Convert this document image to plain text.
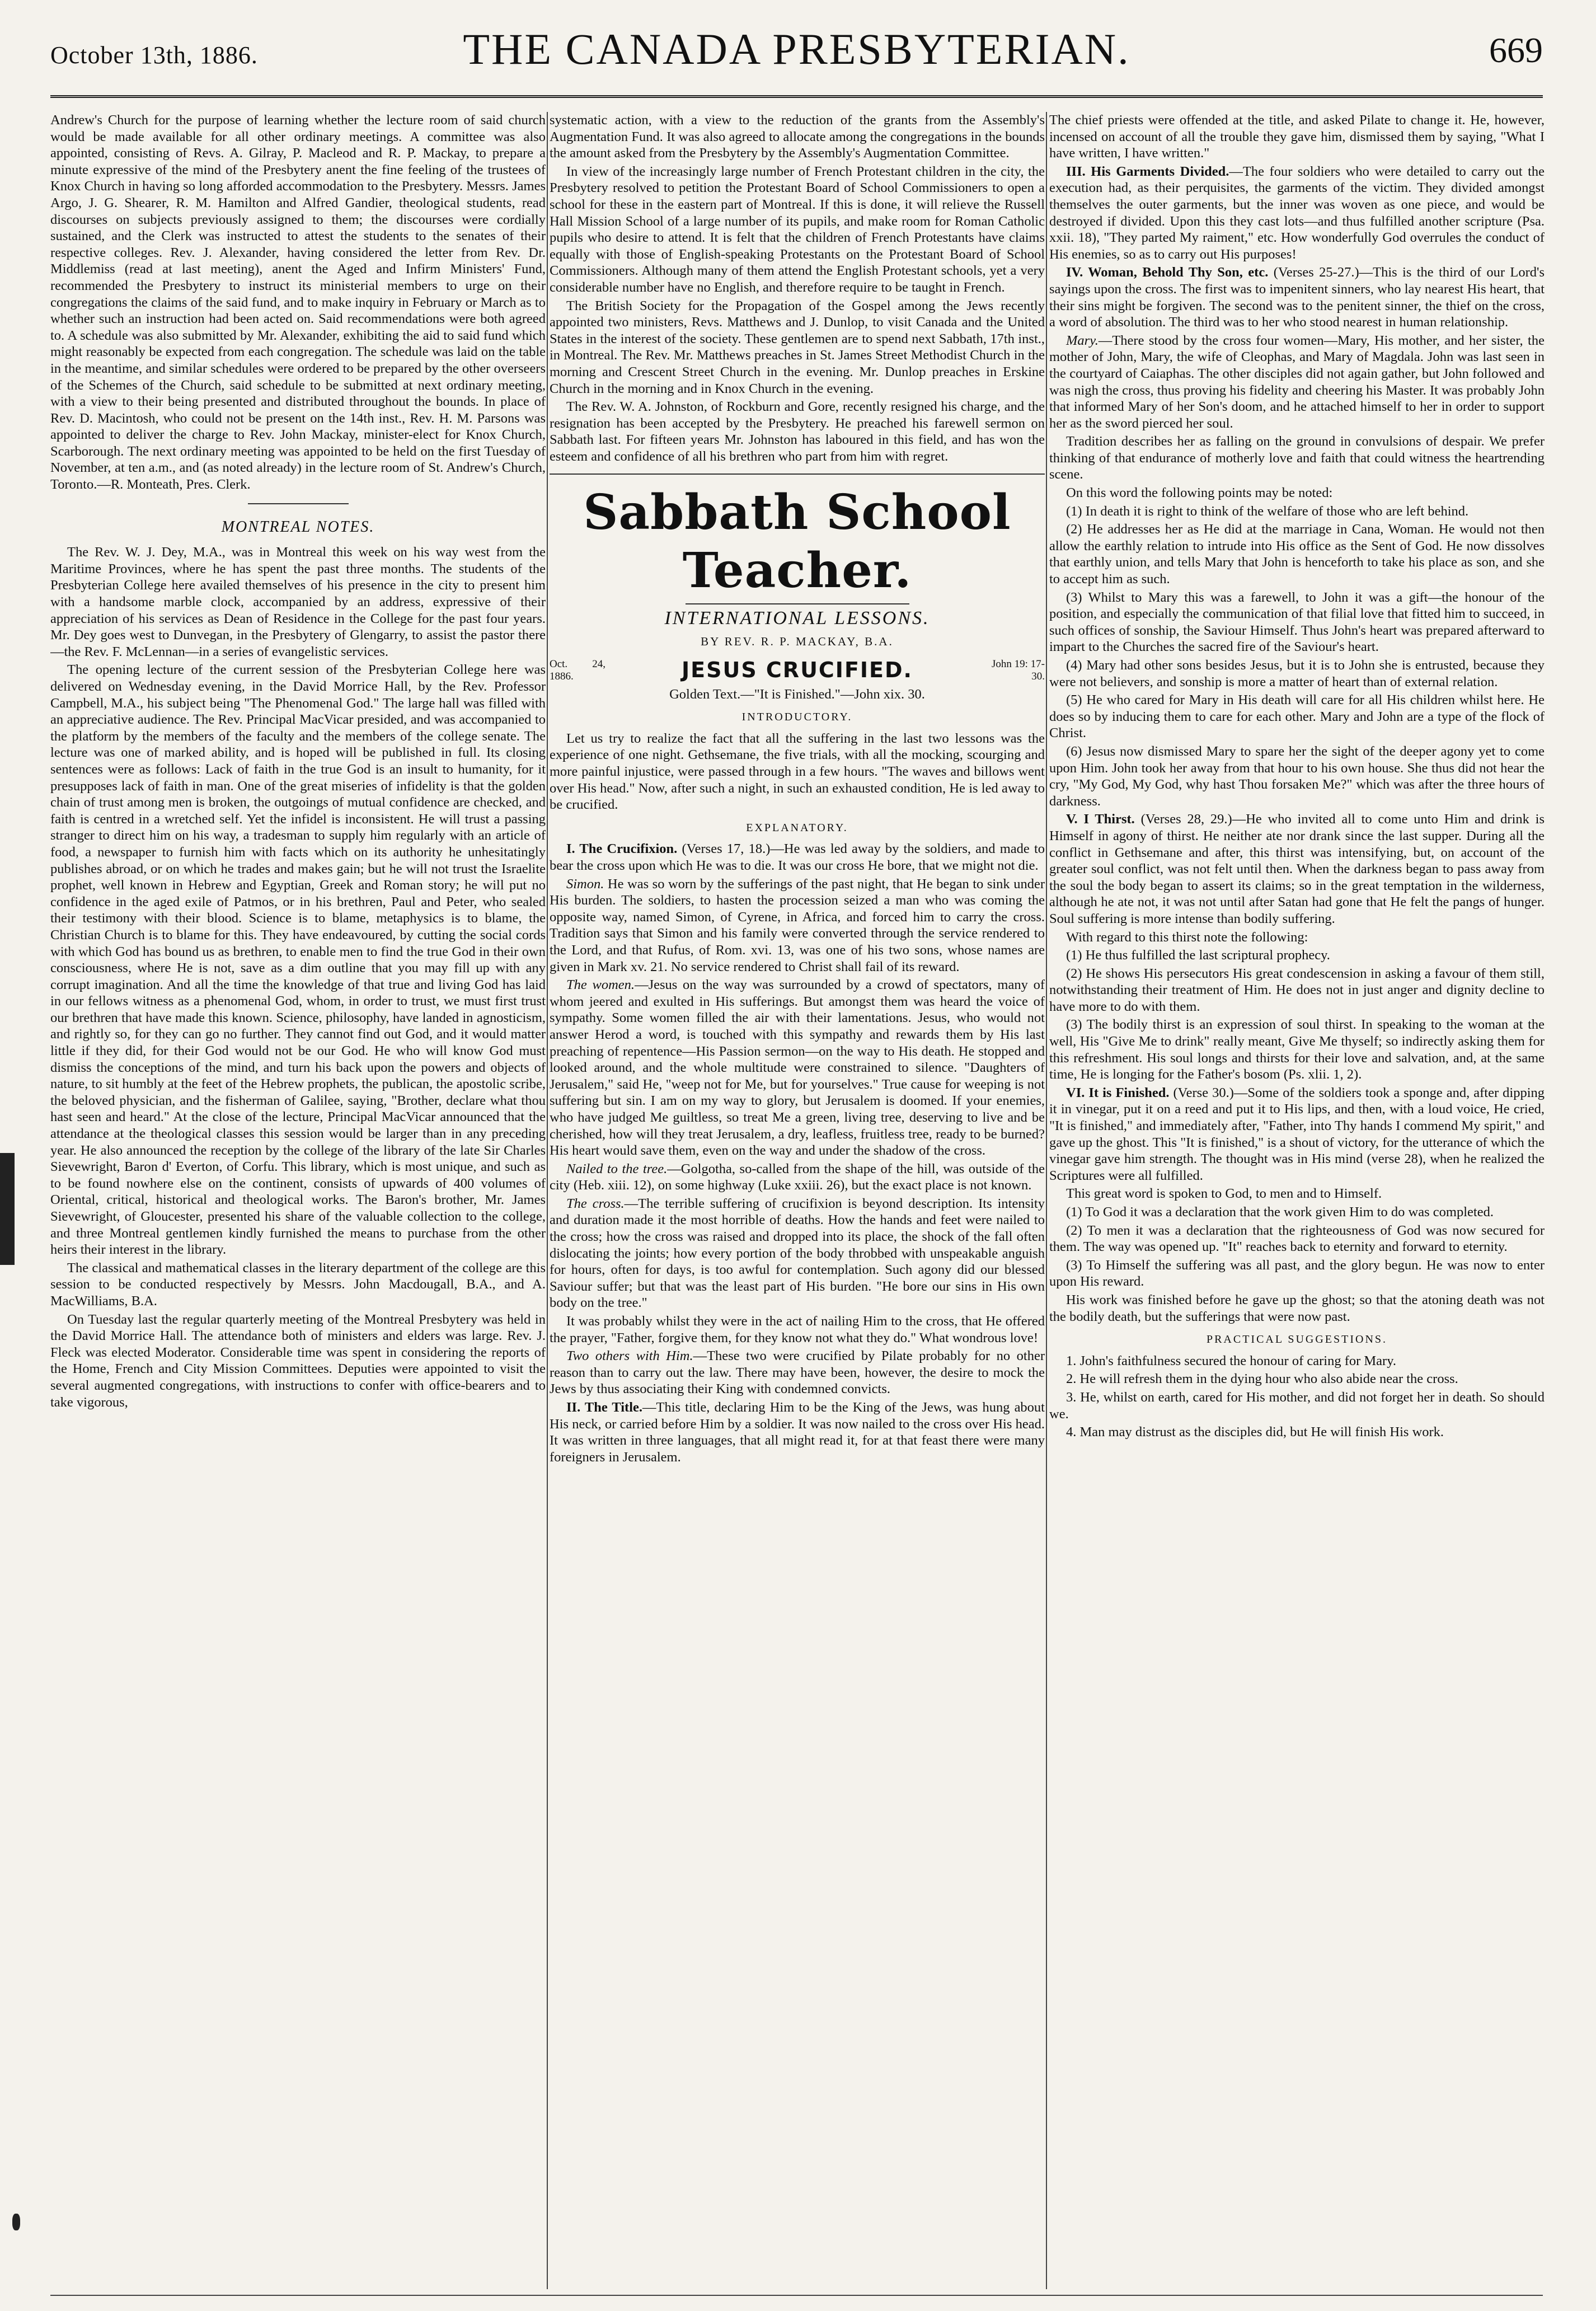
October 13th, 1886.	THE CANADA PRESBYTERIAN.	669

Andrew's Church for the purpose of learning whether the lecture room of said church would be made available for all other ordinary meetings. A committee was also appointed, consisting of Revs. A. Gilray, P. Macleod and R. P. Mackay, to prepare a minute expressive of the mind of the Presbytery anent the fine feeling of the trustees of Knox Church in having so long afforded accommodation to the Presbytery. Messrs. James Argo, J. G. Shearer, R. M. Hamilton and Alfred Gandier, theological students, read discourses on subjects previously assigned to them; the discourses were cordially sustained, and the Clerk was instructed to attest the students to the senates of their respective colleges. Rev. J. Alexander, having considered the letter from Rev. Dr. Middlemiss (read at last meeting), anent the Aged and Infirm Ministers' Fund, recommended the Presbytery to instruct its ministerial members to urge on their congregations the claims of the said fund, and to make inquiry in February or March as to whether such an instruction had been acted on. Said recommendations were both agreed to. A schedule was also submitted by Mr. Alexander, exhibiting the aid to said fund which might reasonably be expected from each congregation. The schedule was laid on the table in the meantime, and similar schedules were ordered to be prepared by the other overseers of the Schemes of the Church, said schedule to be submitted at next ordinary meeting, with a view to their being presented and distributed throughout the bounds. In place of Rev. D. Macintosh, who could not be present on the 14th inst., Rev. H. M. Parsons was appointed to deliver the charge to Rev. John Mackay, minister-elect for Knox Church, Scarborough. The next ordinary meeting was appointed to be held on the first Tuesday of November, at ten a.m., and (as noted already) in the lecture room of St. Andrew's Church, Toronto.—R. Monteath, Pres. Clerk.

MONTREAL NOTES.

The Rev. W. J. Dey, M.A., was in Montreal this week on his way west from the Maritime Provinces, where he has spent the past three months. The students of the Presbyterian College here availed themselves of his presence in the city to present him with a handsome marble clock, accompanied by an address, expressive of their appreciation of his services as Dean of Residence in the College for the past four years. Mr. Dey goes west to Dunvegan, in the Presbytery of Glengarry, to assist the pastor there—the Rev. F. McLennan—in a series of evangelistic services.

The opening lecture of the current session of the Presbyterian College here was delivered on Wednesday evening, in the David Morrice Hall, by the Rev. Professor Campbell, M.A., his subject being "The Phenomenal God." The large hall was filled with an appreciative audience. The Rev. Principal MacVicar presided, and was accompanied to the platform by the members of the faculty and the members of the college senate. The lecture was one of marked ability, and is hoped will be published in full. Its closing sentences were as follows: Lack of faith in the true God is an insult to humanity, for it presupposes lack of faith in man. One of the great miseries of infidelity is that the golden chain of trust among men is broken, the outgoings of mutual confidence are checked, and faith is centred in a wretched self. Yet the infidel is inconsistent. He will trust a passing stranger to direct him on his way, a tradesman to supply him regularly with an article of food, a newspaper to furnish him with facts which on its authority he unhesitatingly publishes abroad, or on which he trades and makes gain; but he will not trust the Israelite prophet, well known in Hebrew and Egyptian, Greek and Roman story; he will put no confidence in the aged exile of Patmos, or in his brethren, Paul and Peter, who sealed their testimony with their blood. Science is to blame, metaphysics is to blame, the Christian Church is to blame for this. They have endeavoured, by cutting the social cords with which God has bound us as brethren, to enable men to find the true God in their own consciousness, where He is not, save as a dim outline that you may fill up with any corrupt imagination. And all the time the knowledge of that true and living God has laid in our fellows witness as a phenomenal God, whom, in order to trust, we must first trust our brethren that have made this known. Science, philosophy, have landed in agnosticism, and rightly so, for they can go no further. They cannot find out God, and it would matter little if they did, for their God would not be our God. He who will know God must dismiss the conceptions of the mind, and turn his back upon the powers and objects of nature, to sit humbly at the feet of the Hebrew prophets, the publican, the apostolic scribe, the beloved physician, and the fisherman of Galilee, saying, "Brother, declare what thou hast seen and heard." At the close of the lecture, Principal MacVicar announced that the attendance at the theological classes this session would be larger than in any preceding year. He also announced the reception by the college of the library of the late Sir Charles Sievewright, Baron d' Everton, of Corfu. This library, which is most unique, and such as to be found nowhere else on the continent, consists of upwards of 400 volumes of Oriental, critical, historical and theological works. The Baron's brother, Mr. James Sievewright, of Gloucester, presented his share of the valuable collection to the college, and three Montreal gentlemen kindly furnished the means to purchase from the other heirs their interest in the library.

The classical and mathematical classes in the literary department of the college are this session to be conducted respectively by Messrs. John Macdougall, B.A., and A. MacWilliams, B.A.

On Tuesday last the regular quarterly meeting of the Montreal Presbytery was held in the David Morrice Hall. The attendance both of ministers and elders was large. Rev. J. Fleck was elected Moderator. Considerable time was spent in considering the reports of the Home, French and City Mission Committees. Deputies were appointed to visit the several augmented congregations, with instructions to confer with office-bearers and to take vigorous,

systematic action, with a view to the reduction of the grants from the Assembly's Augmentation Fund. It was also agreed to allocate among the congregations in the bounds the amount asked from the Presbytery by the Assembly's Augmentation Committee.

In view of the increasingly large number of French Protestant children in the city, the Presbytery resolved to petition the Protestant Board of School Commissioners to open a school for these in the eastern part of Montreal. If this is done, it will relieve the Russell Hall Mission School of a large number of its pupils, and make room for Roman Catholic pupils who desire to attend. It is felt that the children of French Protestants have claims equally with those of English-speaking Protestants on the Protestant Board of School Commissioners. Although many of them attend the English Protestant schools, yet a very considerable number have no English, and therefore require to be taught in French.

The British Society for the Propagation of the Gospel among the Jews recently appointed two ministers, Revs. Matthews and J. Dunlop, to visit Canada and the United States in the interest of the society. These gentlemen are to spend next Sabbath, 17th inst., in Montreal. The Rev. Mr. Matthews preaches in St. James Street Methodist Church in the morning and Crescent Street Church in the evening. Mr. Dunlop preaches in Erskine Church in the morning and in Knox Church in the evening.

The Rev. W. A. Johnston, of Rockburn and Gore, recently resigned his charge, and the resignation has been accepted by the Presbytery. He preached his farewell sermon on Sabbath last. For fifteen years Mr. Johnston has laboured in this field, and has won the esteem and confidence of all his brethren who part from him with regret.

Sabbath School Teacher.
INTERNATIONAL LESSONS.
BY REV. R. P. MACKAY, B.A.
Oct. 24, 1886.	JESUS CRUCIFIED.	John 19: 17-30.
Golden Text.—"It is Finished."—John xix. 30.
INTRODUCTORY.

Let us try to realize the fact that all the suffering in the last two lessons was the experience of one night. Gethsemane, the five trials, with all the mocking, scourging and more painful injustice, were passed through in a few hours. "The waves and billows went over His head." Now, after such a night, in such an exhausted condition, He is led away to be crucified.

EXPLANATORY.

I. The Crucifixion. (Verses 17, 18.)—He was led away by the soldiers, and made to bear the cross upon which He was to die. It was our cross He bore, that we might not die.

Simon. He was so worn by the sufferings of the past night, that He began to sink under His burden. The soldiers, to hasten the procession seized a man who was coming the opposite way, named Simon, of Cyrene, in Africa, and forced him to carry the cross. Tradition says that Simon and his family were converted through the service rendered to the Lord, and that Rufus, of Rom. xvi. 13, was one of his two sons, whose names are given in Mark xv. 21. No service rendered to Christ shall fail of its reward.

The women.—Jesus on the way was surrounded by a crowd of spectators, many of whom jeered and exulted in His sufferings. But amongst them was heard the voice of sympathy. Some women filled the air with their lamentations. Jesus, who would not answer Herod a word, is touched with this sympathy and rewards them by His last preaching of repentence—His Passion sermon—on the way to His death. He stopped and looked around, and the whole multitude were constrained to silence. "Daughters of Jerusalem," said He, "weep not for Me, but for yourselves." True cause for weeping is not suffering but sin. I am on my way to glory, but Jerusalem is doomed. If your enemies, who have judged Me guiltless, so treat Me a green, living tree, deserving to live and be cherished, how will they treat Jerusalem, a dry, leafless, fruitless tree, ready to be burned? His heart would save them, even on the way and under the shadow of the cross.

Nailed to the tree.—Golgotha, so-called from the shape of the hill, was outside of the city (Heb. xiii. 12), on some highway (Luke xxiii. 26), but the exact place is not known.

The cross.—The terrible suffering of crucifixion is beyond description. Its intensity and duration made it the most horrible of deaths. How the hands and feet were nailed to the cross; how the cross was raised and dropped into its place, the shock of the fall often dislocating the joints; how every portion of the body throbbed with unspeakable anguish for hours, often for days, is too awful for contemplation. Such agony did our blessed Saviour suffer; but that was the least part of His burden. "He bore our sins in His own body on the tree."

It was probably whilst they were in the act of nailing Him to the cross, that He offered the prayer, "Father, forgive them, for they know not what they do." What wondrous love!

Two others with Him.—These two were crucified by Pilate probably for no other reason than to carry out the law. There may have been, however, the desire to mock the Jews by thus associating their King with condemned convicts.

II. The Title.—This title, declaring Him to be the King of the Jews, was hung about His neck, or carried before Him by a soldier. It was now nailed to the cross over His head. It was written in three languages, that all might read it, for at that feast there were many foreigners in Jerusalem.

The chief priests were offended at the title, and asked Pilate to change it. He, however, incensed on account of all the trouble they gave him, dismissed them by saying, "What I have written, I have written."

III. His Garments Divided.—The four soldiers who were detailed to carry out the execution had, as their perquisites, the garments of the victim. They divided amongst themselves the outer garments, but the inner was woven as one piece, and would be destroyed if divided. Upon this they cast lots—and thus fulfilled another scripture (Psa. xxii. 18), "They parted My raiment," etc. How wonderfully God overrules the conduct of His enemies, so as to carry out His purposes!

IV. Woman, Behold Thy Son, etc. (Verses 25-27.)—This is the third of our Lord's sayings upon the cross. The first was to impenitent sinners, who lay nearest His heart, that their sins might be forgiven. The second was to the penitent sinner, the thief on the cross, a word of absolution. The third was to her who stood nearest in human relationship.

Mary.—There stood by the cross four women—Mary, His mother, and her sister, the mother of John, Mary, the wife of Cleophas, and Mary of Magdala. John was last seen in the courtyard of Caiaphas. The other disciples did not again gather, but John followed and was nigh the cross, thus proving his fidelity and cheering his Master. It was probably John that informed Mary of her Son's doom, and he attached himself to her in order to support her as the sword pierced her soul.

Tradition describes her as falling on the ground in convulsions of despair. We prefer thinking of that endurance of motherly love and faith that could witness the heartrending scene.

On this word the following points may be noted:

(1) In death it is right to think of the welfare of those who are left behind.

(2) He addresses her as He did at the marriage in Cana, Woman. He would not then allow the earthly relation to intrude into His office as the Sent of God. He now dissolves that earthly union, and tells Mary that John is henceforth to take his place as son, and she to accept him as such.

(3) Whilst to Mary this was a farewell, to John it was a gift—the honour of the position, and especially the communication of that filial love that fitted him to succeed, in such offices of sonship, the Saviour Himself. Thus John's heart was prepared afterward to impart to the Churches the sacred fire of the Saviour's heart.

(4) Mary had other sons besides Jesus, but it is to John she is entrusted, because they were not believers, and sonship is more a matter of heart than of external relation.

(5) He who cared for Mary in His death will care for all His children whilst here. He does so by inducing them to care for each other. Mary and John are a type of the flock of Christ.

(6) Jesus now dismissed Mary to spare her the sight of the deeper agony yet to come upon Him. John took her away from that hour to his own house. She thus did not hear the cry, "My God, My God, why hast Thou forsaken Me?" which was after the three hours of darkness.

V. I Thirst. (Verses 28, 29.)—He who invited all to come unto Him and drink is Himself in agony of thirst. He neither ate nor drank since the last supper. During all the conflict in Gethsemane and after, this thirst was intensifying, but, on account of the greater soul conflict, was not felt until then. When the darkness began to pass away from the soul the body began to assert its claims; so in the great temptation in the wilderness, although he ate not, it was not until after Satan had gone that He felt the pangs of hunger. Soul suffering is more intense than bodily suffering.

With regard to this thirst note the following:

(1) He thus fulfilled the last scriptural prophecy.

(2) He shows His persecutors His great condescension in asking a favour of them still, notwithstanding their treatment of Him. He does not in just anger and dignity decline to have more to do with them.

(3) The bodily thirst is an expression of soul thirst. In speaking to the woman at the well, His "Give Me to drink" really meant, Give Me thyself; so indirectly asking them for this refreshment. His soul longs and thirsts for their love and salvation, and, at the same time, He is longing for the Father's bosom (Ps. xlii. 1, 2).

VI. It is Finished. (Verse 30.)—Some of the soldiers took a sponge and, after dipping it in vinegar, put it on a reed and put it to His lips, and then, with a loud voice, He cried, "It is finished," and immediately after, "Father, into Thy hands I commend My spirit," and gave up the ghost. This "It is finished," is a shout of victory, for the utterance of which the vinegar gave him strength. The thought was in His mind (verse 28), when he realized the Scriptures were all fulfilled.

This great word is spoken to God, to men and to Himself.

(1) To God it was a declaration that the work given Him to do was completed.

(2) To men it was a declaration that the righteousness of God was now secured for them. The way was opened up. "It" reaches back to eternity and forward to eternity.

(3) To Himself the suffering was all past, and the glory begun. He was now to enter upon His reward.

His work was finished before he gave up the ghost; so that the atoning death was not the bodily death, but the sufferings that were now past.

PRACTICAL SUGGESTIONS.

1. John's faithfulness secured the honour of caring for Mary.

2. He will refresh them in the dying hour who also abide near the cross.

3. He, whilst on earth, cared for His mother, and did not forget her in death. So should we.

4. Man may distrust as the disciples did, but He will finish His work.
